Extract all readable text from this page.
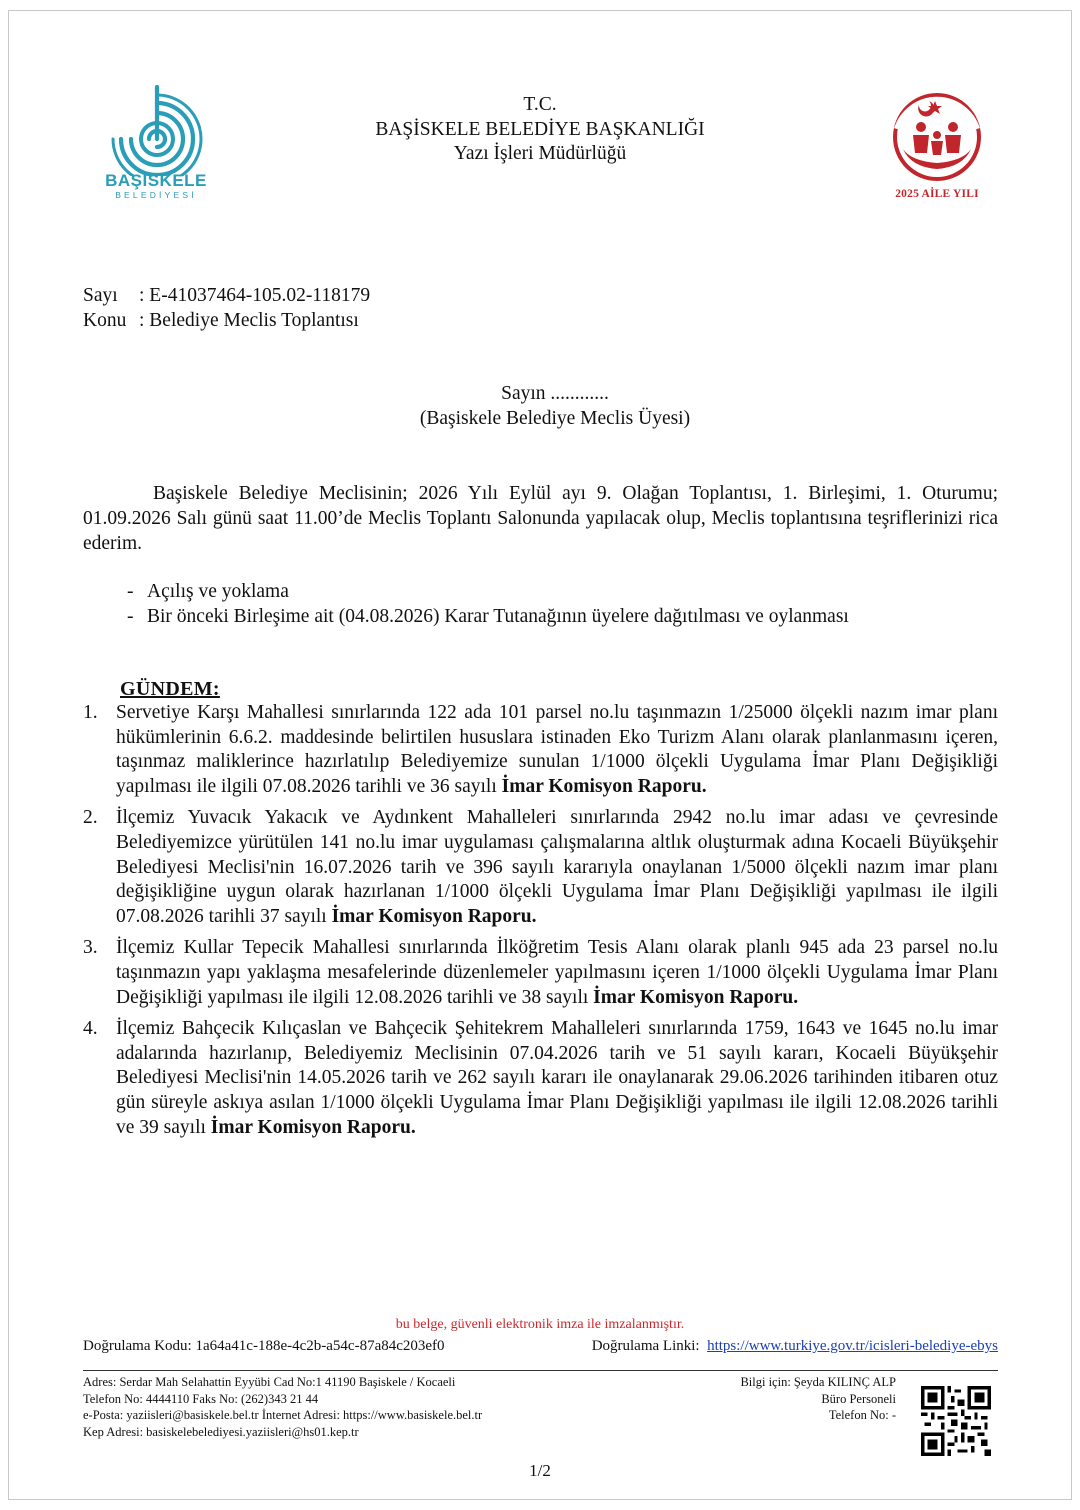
BAŞİSKELE
BELEDİYESİ
T.C.
BAŞİSKELE BELEDİYE BAŞKANLIĞI
Yazı İşleri Müdürlüğü
2025 AİLE YILI
Sayı	: E-41037464-105.02-118179
Konu : Belediye Meclis Toplantısı
Sayın ............
(Başiskele Belediye Meclis Üyesi)
Başiskele Belediye Meclisinin; 2026 Yılı Eylül ayı 9. Olağan Toplantısı, 1. Birleşimi, 1. Oturumu; 01.09.2026 Salı günü saat 11.00’de Meclis Toplantı Salonunda yapılacak olup, Meclis toplantısına teşriflerinizi rica ederim.
- Açılış ve yoklama
- Bir önceki Birleşime ait (04.08.2026) Karar Tutanağının üyelere dağıtılması ve oylanması
GÜNDEM:
1. Servetiye Karşı Mahallesi sınırlarında 122 ada 101 parsel no.lu taşınmazın 1/25000 ölçekli nazım imar planı hükümlerinin 6.6.2. maddesinde belirtilen hususlara istinaden Eko Turizm Alanı olarak planlanmasını içeren, taşınmaz maliklerince hazırlatılıp Belediyemize sunulan 1/1000 ölçekli Uygulama İmar Planı Değişikliği yapılması ile ilgili 07.08.2026 tarihli ve 36 sayılı İmar Komisyon Raporu.
2. İlçemiz Yuvacık Yakacık ve Aydınkent Mahalleleri sınırlarında 2942 no.lu imar adası ve çevresinde Belediyemizce yürütülen 141 no.lu imar uygulaması çalışmalarına altlık oluşturmak adına Kocaeli Büyükşehir Belediyesi Meclisi'nin 16.07.2026 tarih ve 396 sayılı kararıyla onaylanan 1/5000 ölçekli nazım imar planı değişikliğine uygun olarak hazırlanan 1/1000 ölçekli Uygulama İmar Planı Değişikliği yapılması ile ilgili 07.08.2026 tarihli 37 sayılı İmar Komisyon Raporu.
3. İlçemiz Kullar Tepecik Mahallesi sınırlarında İlköğretim Tesis Alanı olarak planlı 945 ada 23 parsel no.lu taşınmazın yapı yaklaşma mesafelerinde düzenlemeler yapılmasını içeren 1/1000 ölçekli Uygulama İmar Planı Değişikliği yapılması ile ilgili 12.08.2026 tarihli ve 38 sayılı İmar Komisyon Raporu.
4. İlçemiz Bahçecik Kılıçaslan ve Bahçecik Şehitekrem Mahalleleri sınırlarında 1759, 1643 ve 1645 no.lu imar adalarında hazırlanıp, Belediyemiz Meclisinin 07.04.2026 tarih ve 51 sayılı kararı, Kocaeli Büyükşehir Belediyesi Meclisi'nin 14.05.2026 tarih ve 262 sayılı kararı ile onaylanarak 29.06.2026 tarihinden itibaren otuz gün süreyle askıya asılan 1/1000 ölçekli Uygulama İmar Planı Değişikliği yapılması ile ilgili 12.08.2026 tarihli ve 39 sayılı İmar Komisyon Raporu.
bu belge, güvenli elektronik imza ile imzalanmıştır.
Doğrulama Kodu: 1a64a41c-188e-4c2b-a54c-87a84c203ef0	Doğrulama Linki: https://www.turkiye.gov.tr/icisleri-belediye-ebys
Adres: Serdar Mah Selahattin Eyyübi Cad No:1 41190 Başiskele / Kocaeli
Telefon No: 4444110 Faks No: (262)343 21 44
e-Posta: yaziisleri@basiskele.bel.tr İnternet Adresi: https://www.basiskele.bel.tr
Kep Adresi: basiskelebelediyesi.yaziisleri@hs01.kep.tr
Bilgi için: Şeyda KILINÇ ALP
Büro Personeli
Telefon No: -
1/2
